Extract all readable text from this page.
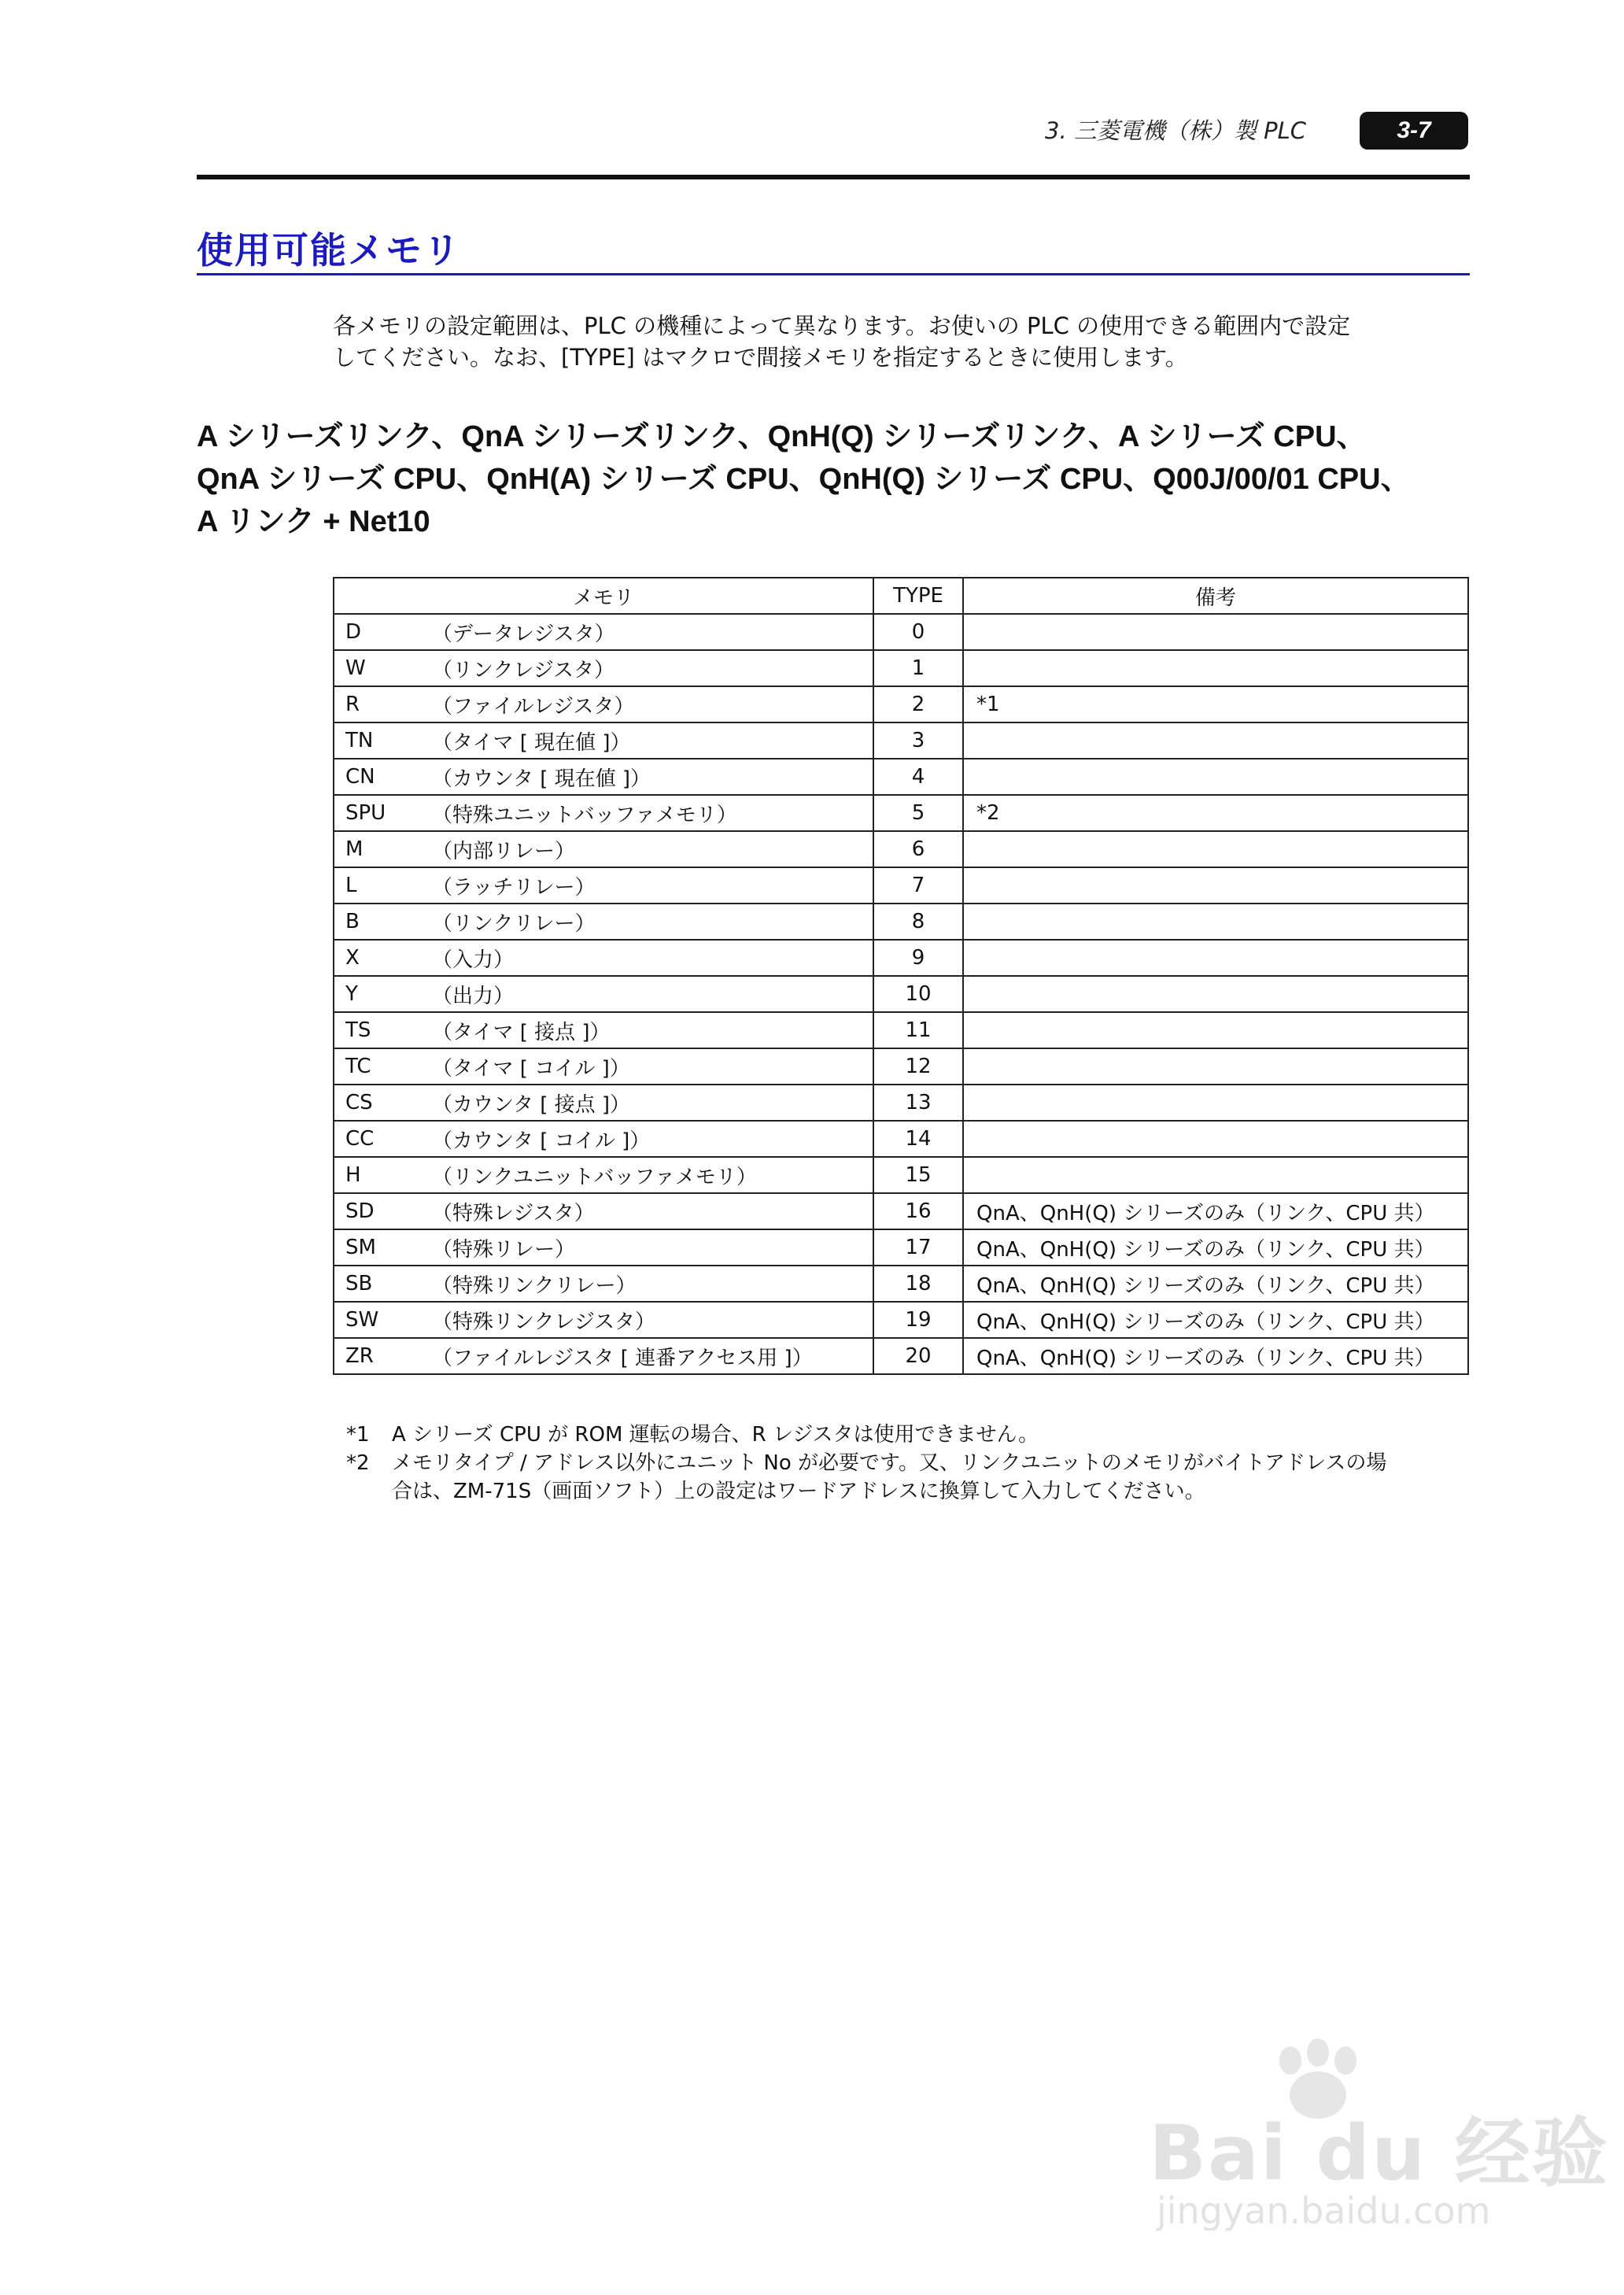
3. 三菱電機（株）製 PLC	3-7
使用可能メモリ
各メモリの設定範囲は、PLC の機種によって異なります。お使いの PLC の使用できる範囲内で設定
してください。なお、[TYPE] はマクロで間接メモリを指定するときに使用します。
A シリーズリンク、QnA シリーズリンク、QnH(Q) シリーズリンク、A シリーズ CPU、
QnA シリーズ CPU、QnH(A) シリーズ CPU、QnH(Q) シリーズ CPU、Q00J/00/01 CPU、
A リンク + Net10
メモリ		TYPE	備考
D	（データレジスタ）	0	
W	（リンクレジスタ）	1	
R	（ファイルレジスタ）	2	*1
TN	（タイマ [ 現在値 ]）	3	
CN	（カウンタ [ 現在値 ]）	4	
SPU	（特殊ユニットバッファメモリ）	5	*2
M	（内部リレー）	6	
L	（ラッチリレー）	7	
B	（リンクリレー）	8	
X	（入力）	9	
Y	（出力）	10	
TS	（タイマ [ 接点 ]）	11	
TC	（タイマ [ コイル ]）	12	
CS	（カウンタ [ 接点 ]）	13	
CC	（カウンタ [ コイル ]）	14	
H	（リンクユニットバッファメモリ）	15	
SD	（特殊レジスタ）	16	QnA、QnH(Q) シリーズのみ（リンク、CPU 共）
SM	（特殊リレー）	17	QnA、QnH(Q) シリーズのみ（リンク、CPU 共）
SB	（特殊リンクリレー）	18	QnA、QnH(Q) シリーズのみ（リンク、CPU 共）
SW	（特殊リンクレジスタ）	19	QnA、QnH(Q) シリーズのみ（リンク、CPU 共）
ZR	（ファイルレジスタ [ 連番アクセス用 ]）	20	QnA、QnH(Q) シリーズのみ（リンク、CPU 共）
*1	A シリーズ CPU が ROM 運転の場合、R レジスタは使用できません。
*2	メモリタイプ / アドレス以外にユニット No が必要です。又、リンクユニットのメモリがバイトアドレスの場
合は、ZM-71S（画面ソフト）上の設定はワードアドレスに換算して入力してください。
Bai du 经验
jingyan.baidu.com
